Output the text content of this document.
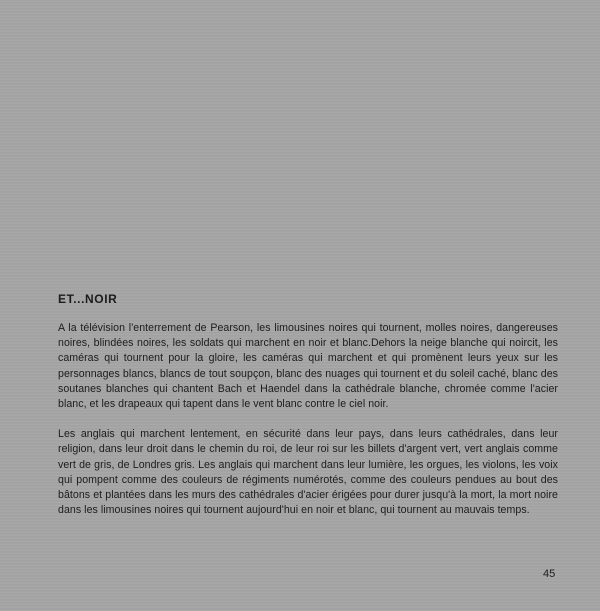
ET...NOIR

A la télévision l'enterrement de Pearson, les limousines noires qui tournent, molles noires, dangereuses noires, blindées noires, les soldats qui marchent en noir et blanc.Dehors la neige blanche qui noircit, les caméras qui tournent pour la gloire, les caméras qui marchent et qui promènent leurs yeux sur les personnages blancs, blancs de tout soupçon, blanc des nuages qui tournent et du soleil caché, blanc des soutanes blanches qui chantent Bach et Haendel dans la cathédrale blanche, chromée comme l'acier blanc, et les drapeaux qui tapent dans le vent blanc contre le ciel noir.

Les anglais qui marchent lentement, en sécurité dans leur pays, dans leurs cathédrales, dans leur religion, dans leur droit dans le chemin du roi, de leur roi sur les billets d'argent vert, vert anglais comme vert de gris, de Londres gris. Les anglais qui marchent dans leur lumière, les orgues, les violons, les voix qui pompent comme des couleurs de régiments numérotés, comme des couleurs pendues au bout des bâtons et plantées dans les murs des cathédrales d'acier érigées pour durer jusqu'à la mort, la mort noire dans les limousines noires qui tournent aujourd'hui en noir et blanc, qui tournent au mauvais temps.

45
